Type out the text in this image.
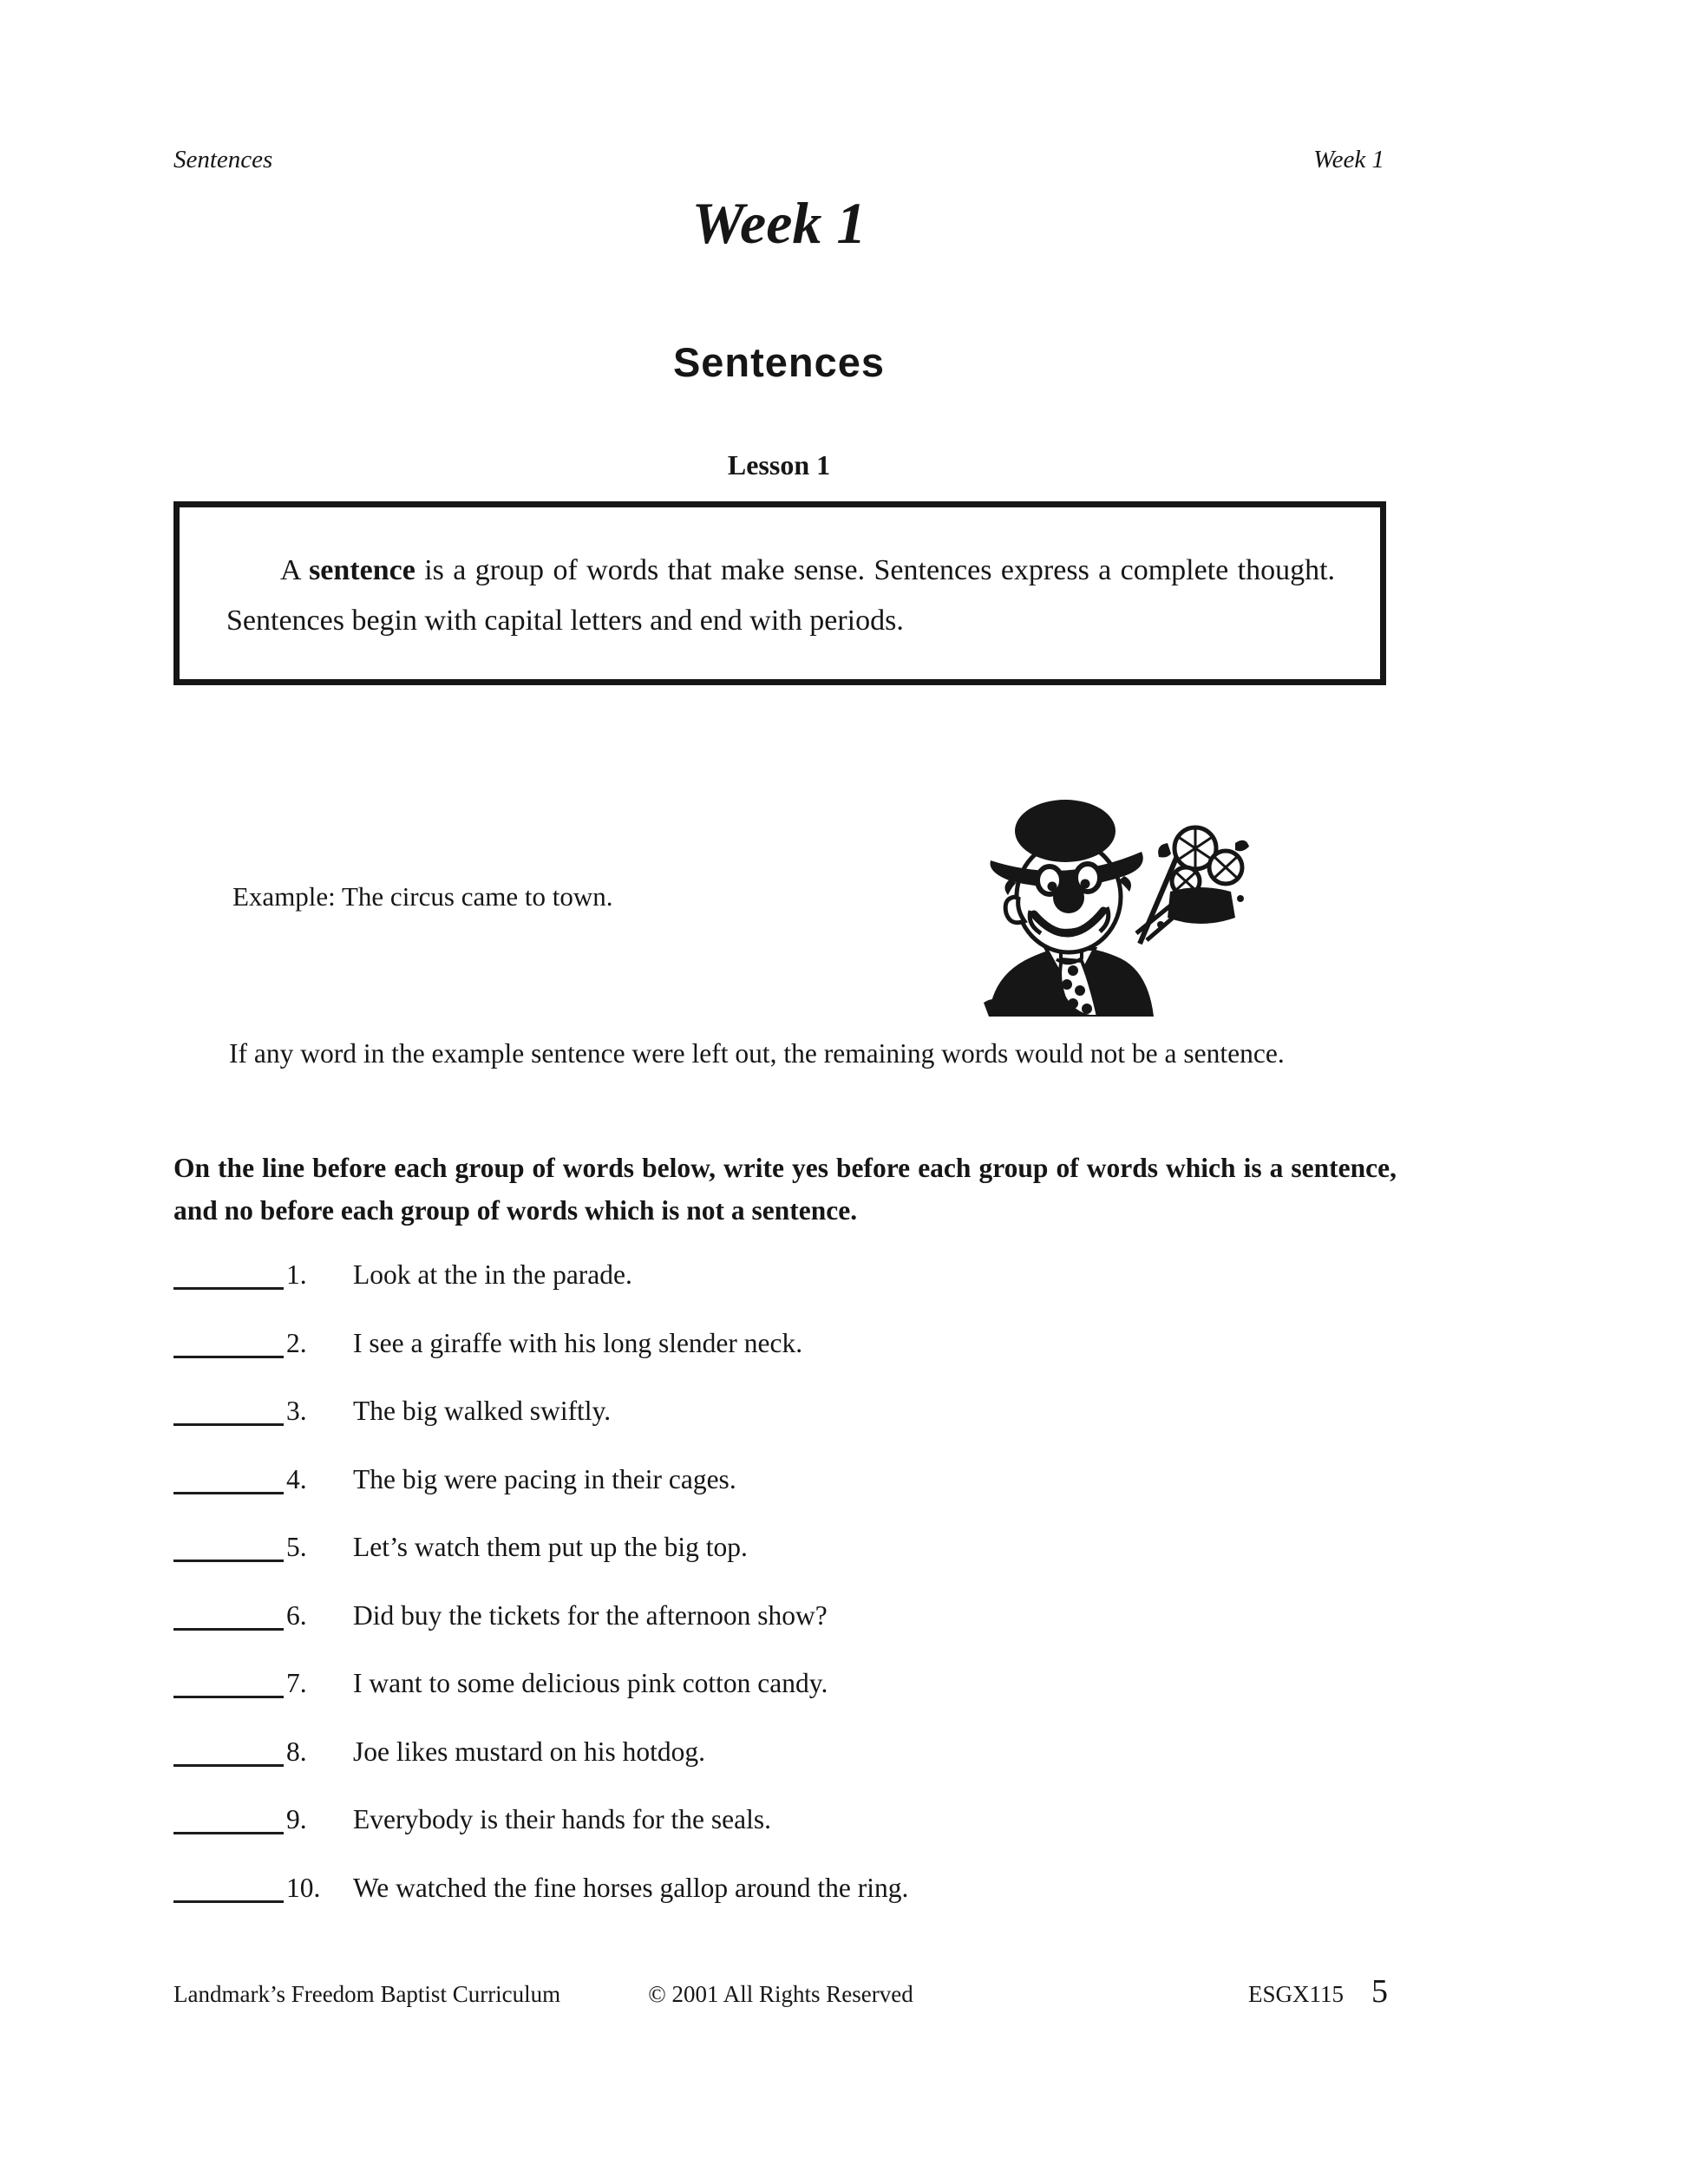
Sentences	Week 1
Week 1
Sentences
Lesson 1

A sentence is a group of words that make sense. Sentences express a complete thought. Sentences begin with capital letters and end with periods.

Example: The circus came to town.

If any word in the example sentence were left out, the remaining words would not be a sentence.

On the line before each group of words below, write yes before each group of words which is a sentence, and no before each group of words which is not a sentence.

1. Look at the in the parade.
2. I see a giraffe with his long slender neck.
3. The big walked swiftly.
4. The big were pacing in their cages.
5. Let’s watch them put up the big top.
6. Did buy the tickets for the afternoon show?
7. I want to some delicious pink cotton candy.
8. Joe likes mustard on his hotdog.
9. Everybody is their hands for the seals.
10. We watched the fine horses gallop around the ring.
Landmark’s Freedom Baptist Curriculum	© 2001 All Rights Reserved	ESGX115 5
